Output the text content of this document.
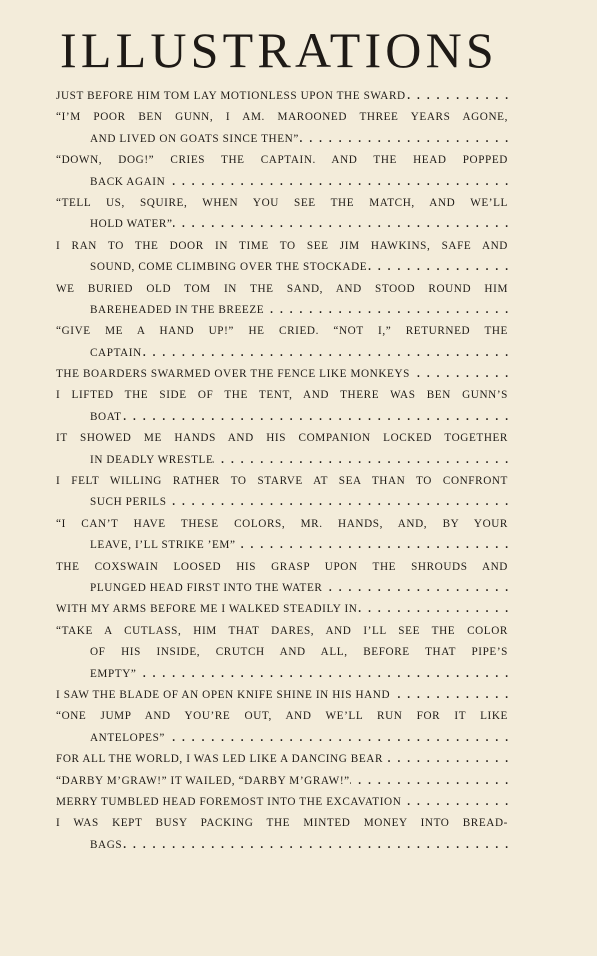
ILLUSTRATIONS
JUST BEFORE HIM TOM LAY MOTIONLESS UPON THE SWARD
. . .
“I’M POOR BEN GUNN, I AM. MAROONED THREE YEARS AGONE,
AND LIVED ON GOATS SINCE THEN”
. . .
“DOWN, DOG!” CRIES THE CAPTAIN. AND THE HEAD POPPED
BACK AGAIN
. . .
“TELL US, SQUIRE, WHEN YOU SEE THE MATCH, AND WE’LL
HOLD WATER”
. . .
I RAN TO THE DOOR IN TIME TO SEE JIM HAWKINS, SAFE AND
SOUND, COME CLIMBING OVER THE STOCKADE
. . .
WE BURIED OLD TOM IN THE SAND, AND STOOD ROUND HIM
BAREHEADED IN THE BREEZE
. . .
“GIVE ME A HAND UP!” HE CRIED. “NOT I,” RETURNED THE
CAPTAIN
. . .
THE BOARDERS SWARMED OVER THE FENCE LIKE MONKEYS
. . .
I LIFTED THE SIDE OF THE TENT, AND THERE WAS BEN GUNN’S
BOAT
. . .
IT SHOWED ME HANDS AND HIS COMPANION LOCKED TOGETHER
IN DEADLY WRESTLE
. . .
I FELT WILLING RATHER TO STARVE AT SEA THAN TO CONFRONT
SUCH PERILS
. . .
“I CAN’T HAVE THESE COLORS, MR. HANDS, AND, BY YOUR
LEAVE, I’LL STRIKE ’EM”
. . .
THE COXSWAIN LOOSED HIS GRASP UPON THE SHROUDS AND
PLUNGED HEAD FIRST INTO THE WATER
. . .
WITH MY ARMS BEFORE ME I WALKED STEADILY IN
. . .
“TAKE A CUTLASS, HIM THAT DARES, AND I’LL SEE THE COLOR
OF HIS INSIDE, CRUTCH AND ALL, BEFORE THAT PIPE’S
EMPTY”
. . .
I SAW THE BLADE OF AN OPEN KNIFE SHINE IN HIS HAND
. . .
“ONE JUMP AND YOU’RE OUT, AND WE’LL RUN FOR IT LIKE
ANTELOPES”
. . .
FOR ALL THE WORLD, I WAS LED LIKE A DANCING BEAR
. . .
“DARBY M’GRAW!” IT WAILED, “DARBY M’GRAW!”
. . .
MERRY TUMBLED HEAD FOREMOST INTO THE EXCAVATION
. . .
I WAS KEPT BUSY PACKING THE MINTED MONEY INTO BREAD-
BAGS
. . .
